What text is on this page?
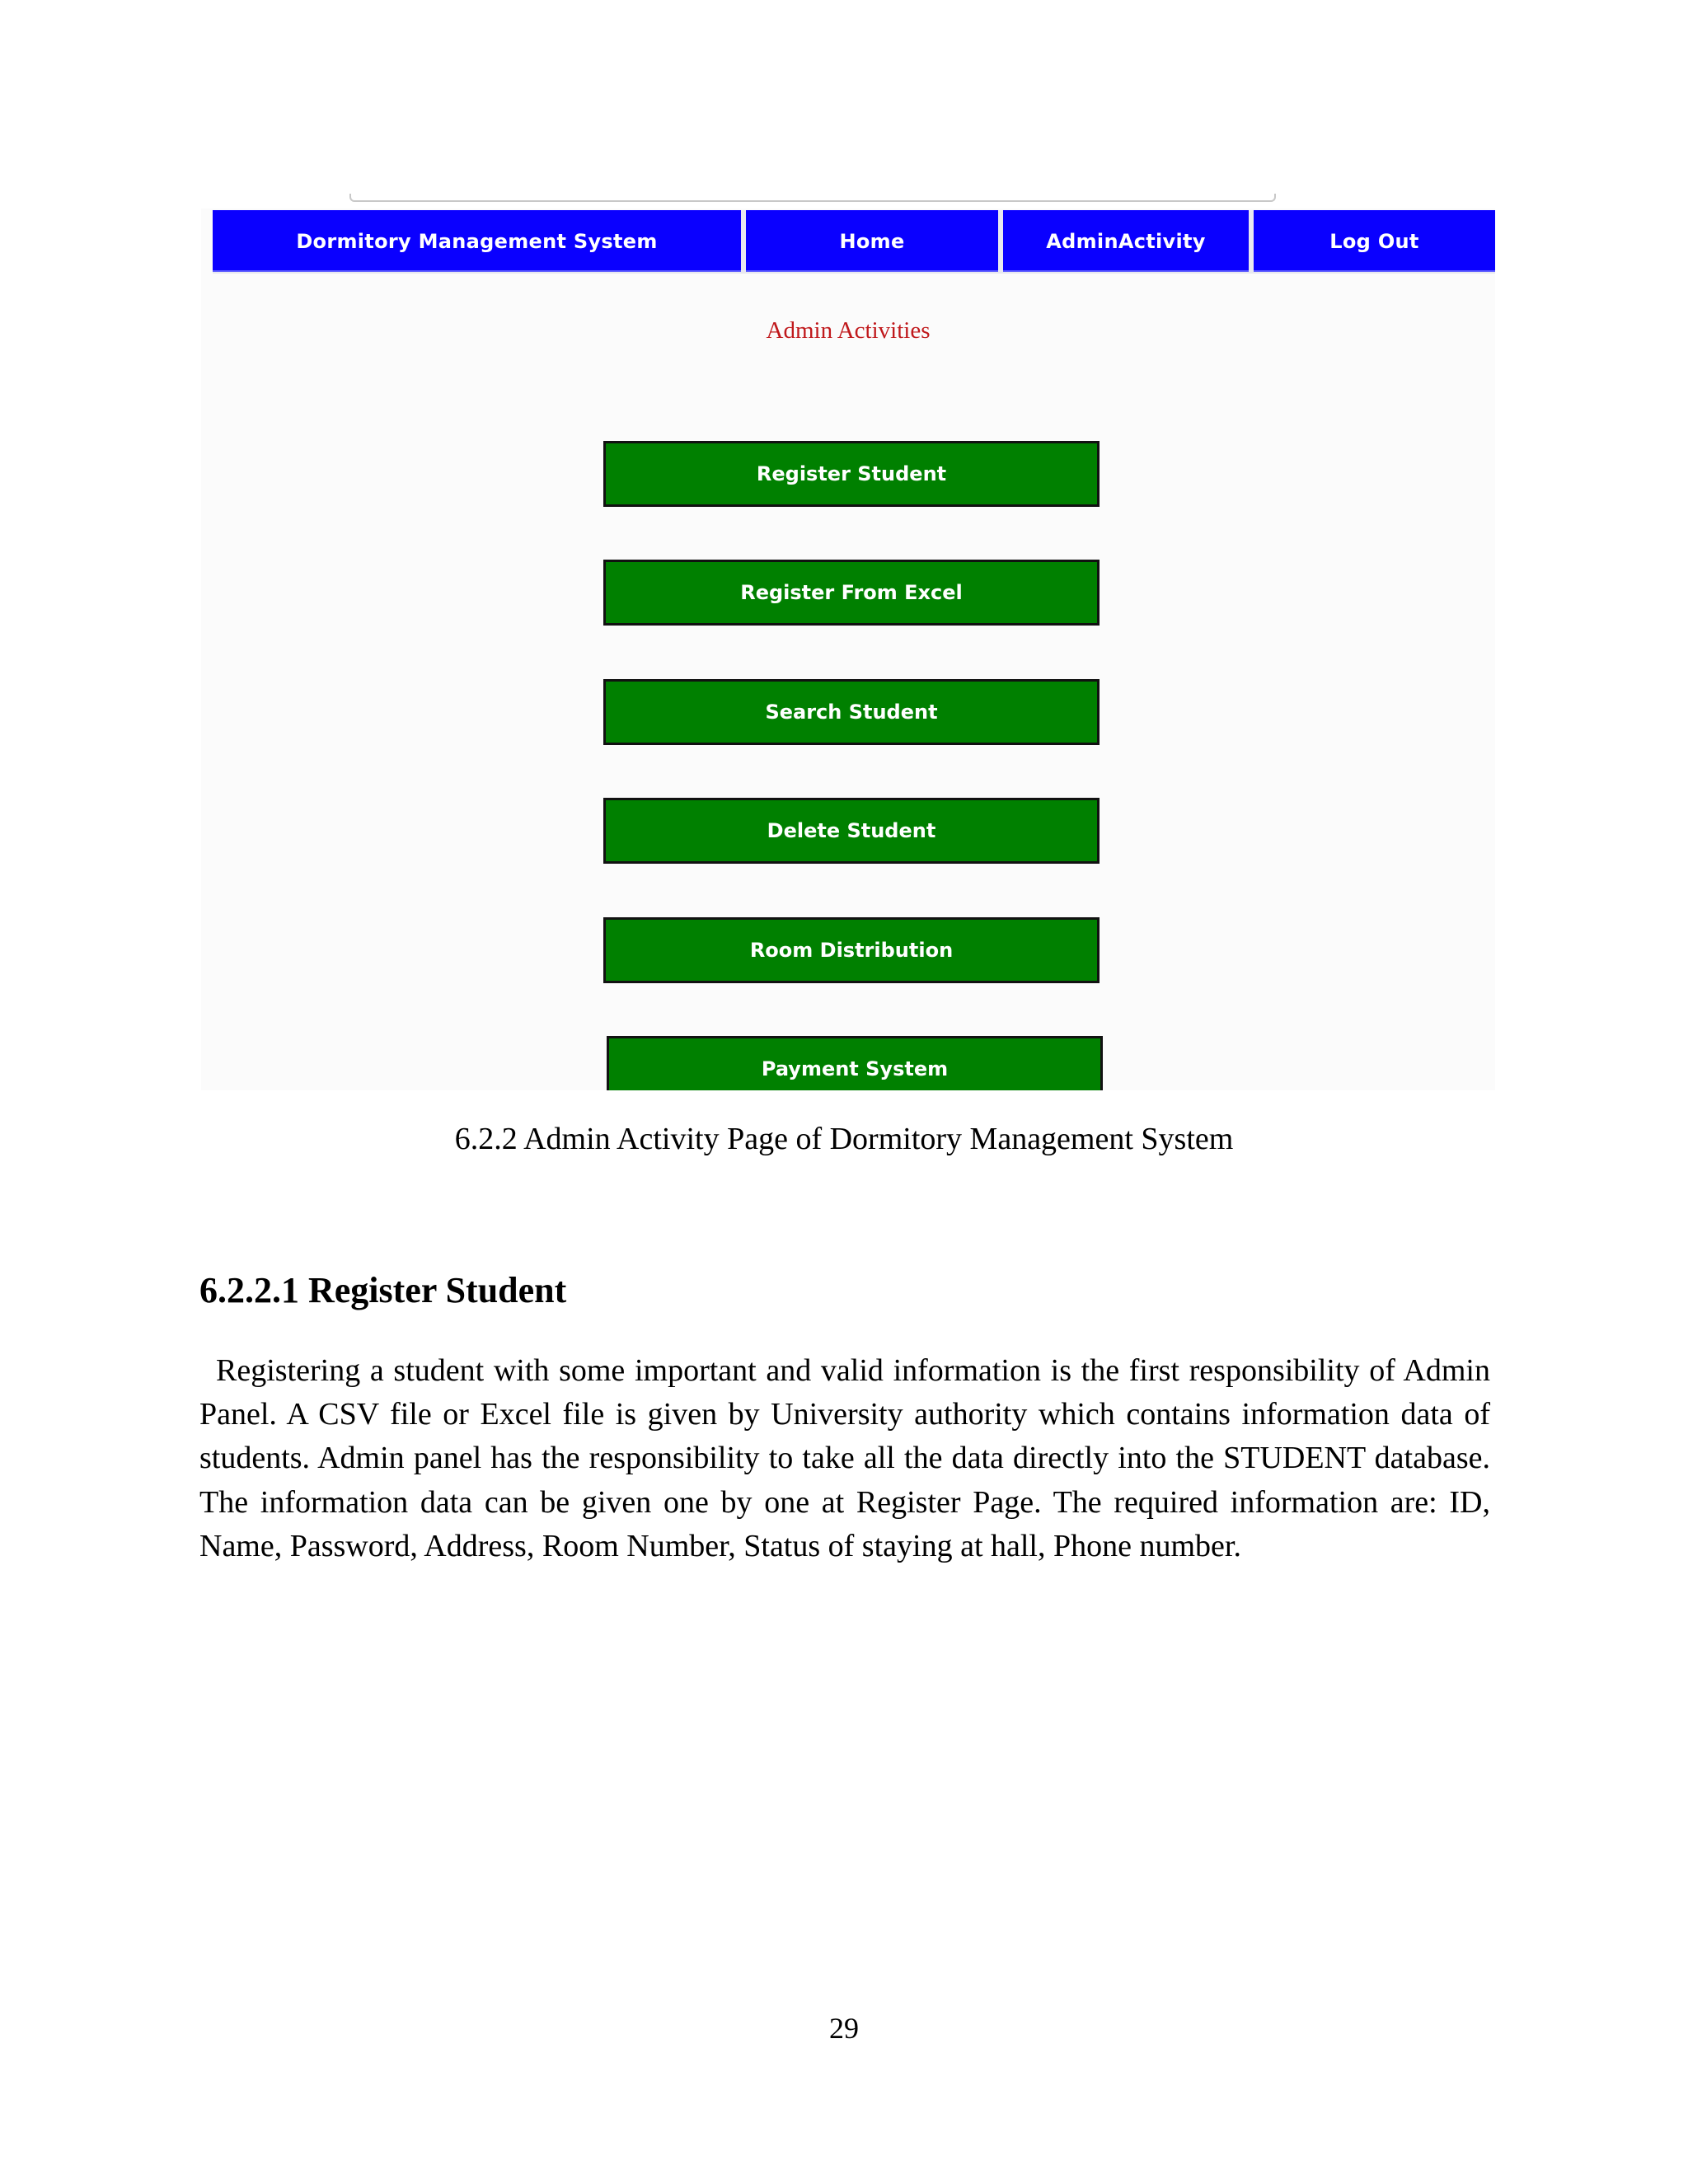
Dormitory Management System	Home	AdminActivity	Log Out
Admin Activities
Register Student
Register From Excel
Search Student
Delete Student
Room Distribution
Payment System
6.2.2 Admin Activity Page of Dormitory Management System
6.2.2.1 Register Student

Registering a student with some important and valid information is the first responsibility of Admin Panel. A CSV file or Excel file is given by University authority which contains information data of students. Admin panel has the responsibility to take all the data directly into the STUDENT database. The information data can be given one by one at Register Page. The required information are: ID, Name, Password, Address, Room Number, Status of staying at hall, Phone number.

29
